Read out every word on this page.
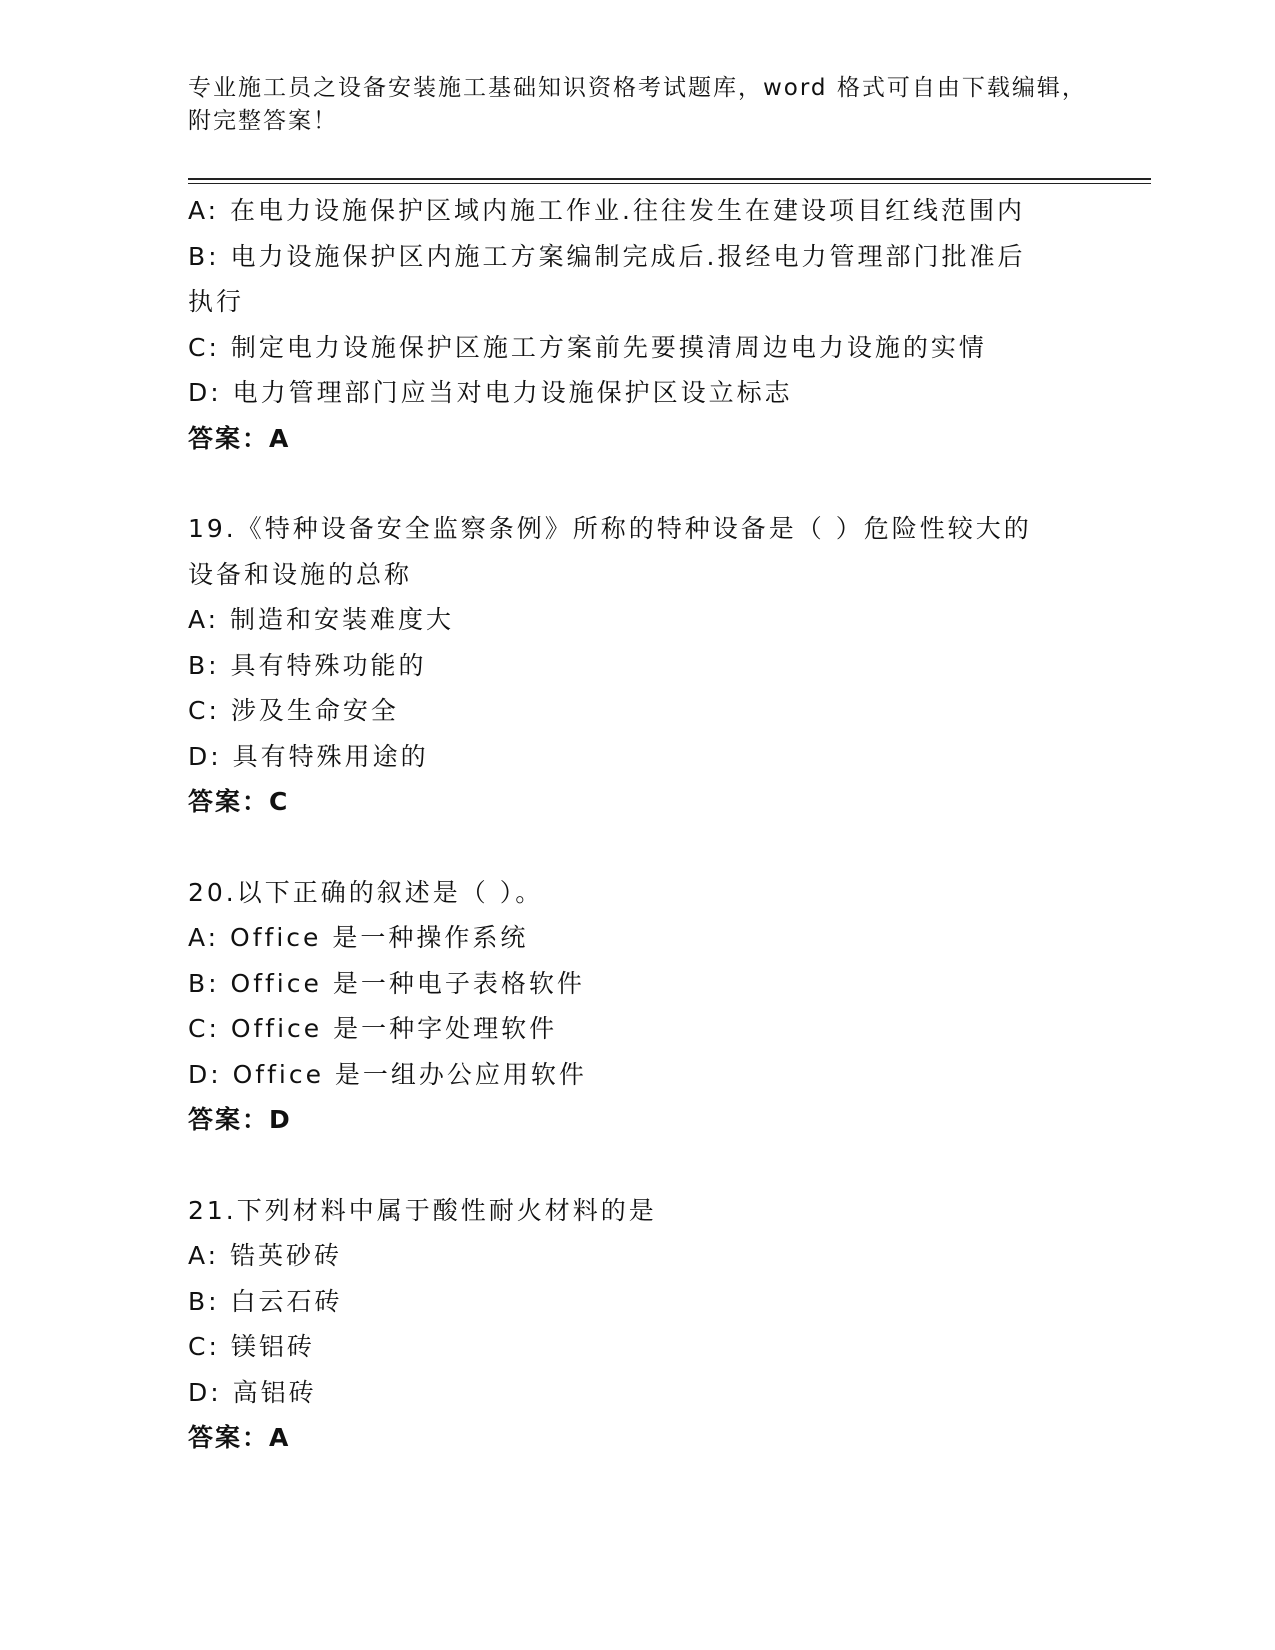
专业施工员之设备安装施工基础知识资格考试题库，word 格式可自由下载编辑，
附完整答案！
A: 在电力设施保护区域内施工作业.往往发生在建设项目红线范围内
B: 电力设施保护区内施工方案编制完成后.报经电力管理部门批准后
执行
C: 制定电力设施保护区施工方案前先要摸清周边电力设施的实情
D: 电力管理部门应当对电力设施保护区设立标志
答案：A
19.《特种设备安全监察条例》所称的特种设备是（ ）危险性较大的
设备和设施的总称
A: 制造和安装难度大
B: 具有特殊功能的
C: 涉及生命安全
D: 具有特殊用途的
答案：C
20.以下正确的叙述是（ ）。
A: Office 是一种操作系统
B: Office 是一种电子表格软件
C: Office 是一种字处理软件
D: Office 是一组办公应用软件
答案：D
21.下列材料中属于酸性耐火材料的是
A: 锆英砂砖
B: 白云石砖
C: 镁铝砖
D: 高铝砖
答案：A
